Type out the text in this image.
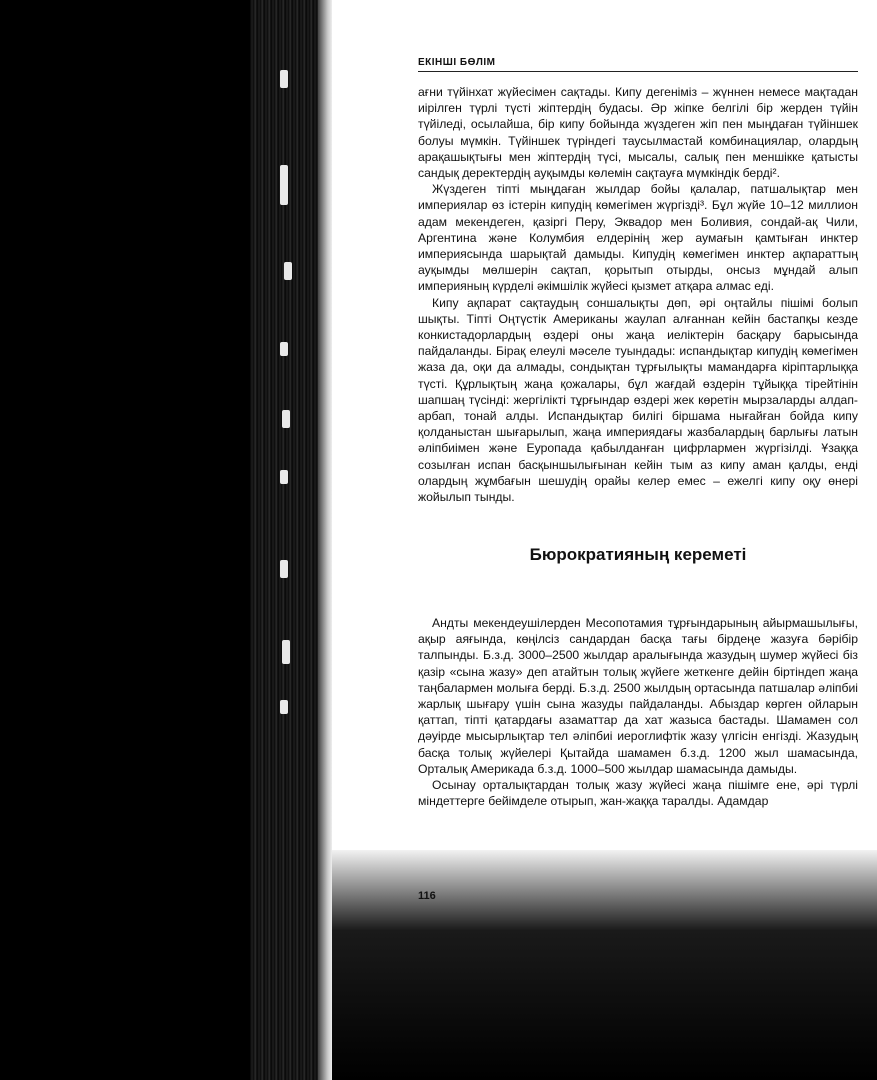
ЕКІНШІ БӨЛІМ

ағни түйінхат жүйесімен сақтады. Кипу дегеніміз – жүннен немесе мақтадан иірілген түрлі түсті жіптердің будасы. Әр жіпке белгілі бір жерден түйін түйіледі, осылайша, бір кипу бойында жүздеген жіп пен мыңдаған түйіншек болуы мүмкін. Түйіншек түріндегі таусылмастай комбинациялар, олардың арақашықтығы мен жіптердің түсі, мысалы, салық пен меншікке қатысты сандық деректердің ауқымды көлемін сақтауға мүмкіндік берді².

Жүздеген тіпті мыңдаған жылдар бойы қалалар, патшалықтар мен империялар өз істерін кипудің көмегімен жүргізді³. Бұл жүйе 10–12 миллион адам мекендеген, қазіргі Перу, Эквадор мен Боливия, сондай-ақ Чили, Аргентина және Колумбия елдерінің жер аумағын қамтыған инктер империясында шарықтай дамыды. Кипудің көмегімен инктер ақпараттың ауқымды мөлшерін сақтап, қорытып отырды, онсыз мұндай алып империяның күрделі әкімшілік жүйесі қызмет атқара алмас еді.

Кипу ақпарат сақтаудың соншалықты дөп, әрі оңтайлы пішімі болып шықты. Тіпті Оңтүстік Американы жаулап алғаннан кейін бастапқы кезде конкистадорлардың өздері оны жаңа иеліктерін басқару барысында пайдаланды. Бірақ елеулі мәселе туындады: испандықтар кипудің көмегімен жаза да, оқи да алмады, сондықтан тұрғылықты мамандарға кіріптарлыққа түсті. Құрлықтың жаңа қожалары, бұл жағдай өздерін тұйыққа тірейтінін шапшаң түсінді: жергілікті тұрғындар өздері жек көретін мырзаларды алдап-арбап, тонай алды. Испандықтар билігі біршама нығайған бойда кипу қолданыстан шығарылып, жаңа империядағы жазбалардың барлығы латын әліпбиімен және Еуропада қабылданған цифрлармен жүргізілді. Ұзаққа созылған испан басқыншылығынан кейін тым аз кипу аман қалды, енді олардың жұмбағын шешудің орайы келер емес – ежелгі кипу оқу өнері жойылып тынды.

Бюрократияның кереметі

Андты мекендеушілерден Месопотамия тұрғындарының айырмашылығы, ақыр аяғында, көңілсіз сандардан басқа тағы бірдеңе жазуға бәрібір талпынды. Б.з.д. 3000–2500 жылдар аралығында жазудың шумер жүйесі біз қазір «сына жазу» деп атайтын толық жүйеге жеткенге дейін біртіндеп жаңа таңбалармен молыға берді. Б.з.д. 2500 жылдың ортасында патшалар әліпбиі жарлық шығару үшін сына жазуды пайдаланды. Абыздар көрген ойларын қаттап, тіпті қатардағы азаматтар да хат жазыса бастады. Шамамен сол дәуірде мысырлықтар тел әліпбиі иероглифтік жазу үлгісін енгізді. Жазудың басқа толық жүйелері Қытайда шамамен б.з.д. 1200 жыл шамасында, Орталық Америкада б.з.д. 1000–500 жылдар шамасында дамыды.

Осынау орталықтардан толық жазу жүйесі жаңа пішімге ене, әрі түрлі міндеттерге бейімделе отырып, жан-жаққа таралды. Адамдар

116
